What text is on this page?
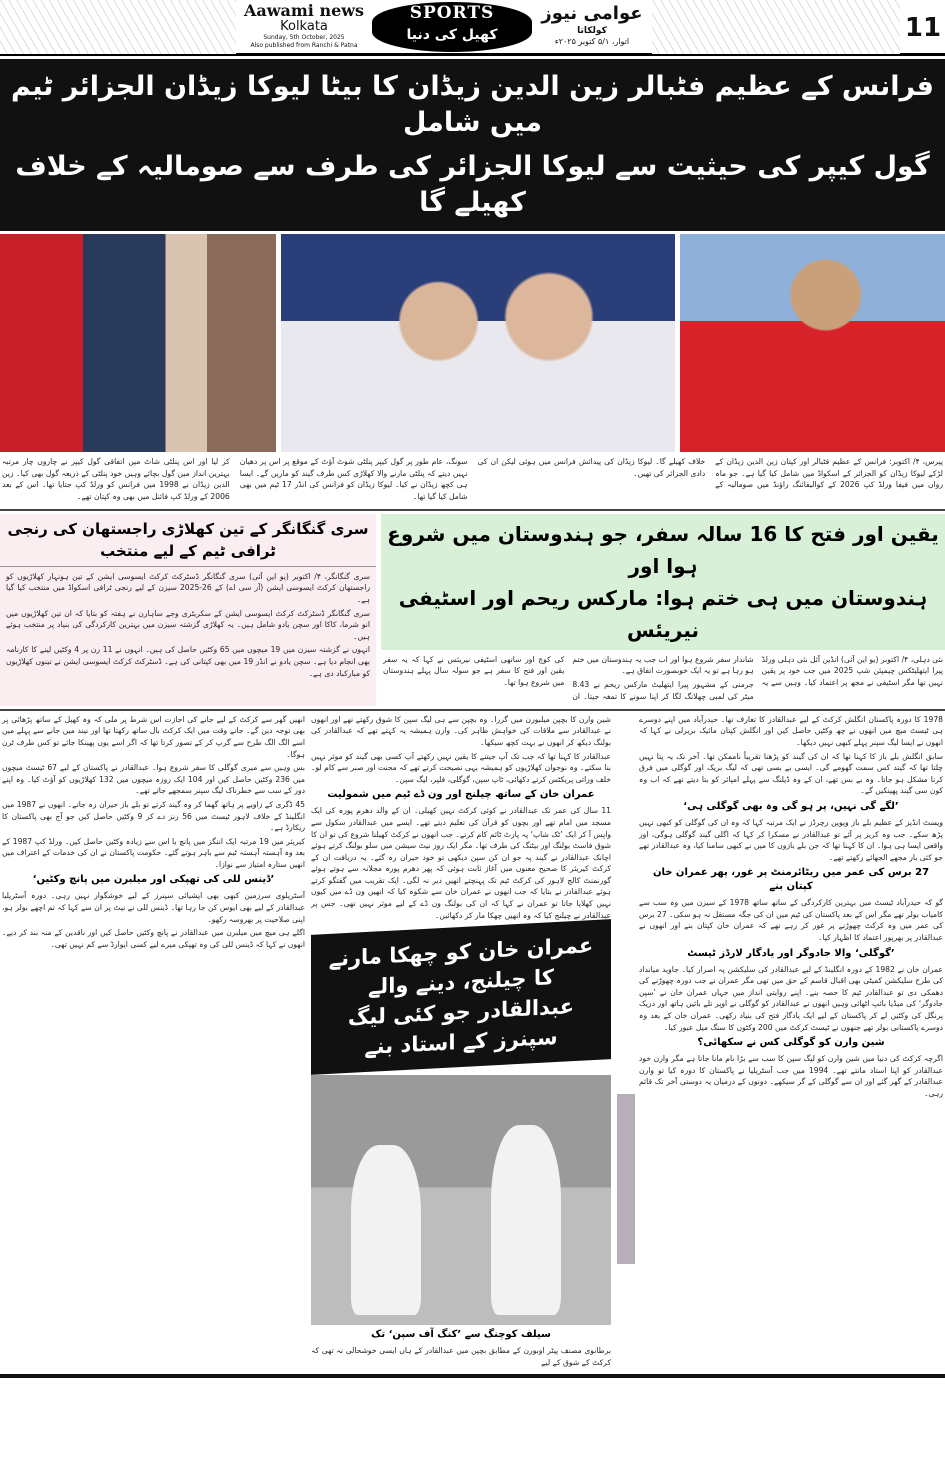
Aawami news
Kolkata
Sunday, 5th October, 2025
Also published from Ranchi & Patna
SPORTS
کھیل کی دنیا
عوامی نیوز
کولکاتا
اتوار، ۵/۱ کتوبر ۲۰۲۵ء	11
فرانس کے عظیم فٹبالر زین الدین زیڈان کا بیٹا لیوکا زیڈان الجزائر ٹیم میں شامل
گول کیپر کی حیثیت سے لیوکا الجزائر کی طرف سے صومالیہ کے خلاف کھیلے گا

پیرس، ۴/ اکتوبر: فرانس کے عظیم فٹبالر اور کپتان زین الدین زیڈان کے لڑکے لیوکا زیڈان کو الجزائر کے اسکواڈ میں شامل کیا گیا ہے۔ جو ماہ رواں میں فیفا ورلڈ کپ 2026 کے کوالیفائنگ راؤنڈ میں صومالیہ کے خلاف کھیلے گا۔ لیوکا زیڈان کی پیدائش فرانس میں ہوئی لیکن ان کی دادی الجزائر کی تھیں۔

سونگ، عام طور پر گول کیپر پنلٹی شوٹ آؤٹ کے موقع پر اس پر دھیان نہیں دیتے کہ پنلٹی مارنے والا کھلاڑی کس طرف گیند کو ماریں گے۔ ایسا ہی کچھ زیڈان نے کیا۔ لیوکا زیڈان کو فرانس کی انڈر 17 ٹیم میں بھی شامل کیا گیا تھا۔

کر لیا اور اس پنلٹی شاٹ میں اتفاقی گول کیپر نے چاروں چار مرتبہ بہترین انداز میں گول بچائے وہیں خود پنلٹی کے ذریعہ گول بھی کیا۔ زین الدین زیڈان نے 1998 میں فرانس کو ورلڈ کپ جتایا تھا۔ اس کے بعد 2006 کے ورلڈ کپ فائنل میں بھی وہ کپتان تھے۔

سری گنگانگر کے تین کھلاڑی راجستھان کی رنجی ٹرافی ٹیم کے لیے منتخب

سری گنگانگر، ۴/ اکتوبر (یو این آئی) سری گنگانگر ڈسٹرکٹ کرکٹ ایسوسی ایشن کے تین ہونہار کھلاڑیوں کو راجستھان کرکٹ ایسوسی ایشن (آر سی اے) کے 26-2025 سیزن کے لیے رنجی ٹرافی اسکواڈ میں منتخب کیا گیا ہے۔

سری گنگانگر ڈسٹرکٹ کرکٹ ایسوسی ایشن کے سکریٹری وجے ساہارن نے ہفتہ کو بتایا کہ ان تین کھلاڑیوں میں انو شرما، کاکا اور سچن یادو شامل ہیں۔ یہ کھلاڑی گزشتہ سیزن میں بہترین کارکردگی کی بنیاد پر منتخب ہوئے ہیں۔

انہوں نے گزشتہ سیزن میں 19 میچوں میں 65 وکٹیں حاصل کی ہیں۔ انہوں نے 11 رن پر 4 وکٹیں لینے کا کارنامہ بھی انجام دیا ہے۔ سچن یادو نے انڈر 19 میں بھی کپتانی کی ہے۔ ڈسٹرکٹ کرکٹ ایسوسی ایشن نے تینوں کھلاڑیوں کو مبارکباد دی ہے۔

یقین اور فتح کا 16 سالہ سفر، جو ہندوستان میں شروع ہوا اور
ہندوستان میں ہی ختم ہوا: مارکس ریحم اور اسٹیفی نیریئس

نئی دہلی، ۴/ اکتوبر (یو این آئی) انڈین آئل نئی دہلی ورلڈ پیرا ایتھلیٹکس چیمپئن شپ 2025 میں جب خود پر یقین نہیں تھا مگر اسٹیفی نے مجھ پر اعتماد کیا۔ وہیں سے یہ شاندار سفر شروع ہوا اور اب جب یہ ہندوستان میں ختم ہو رہا ہے تو یہ ایک خوبصورت اتفاق ہے۔

جرمنی کے مشہور پیرا ایتھلیٹ مارکس ریحم نے 8.43 میٹر کی لمبی چھلانگ لگا کر اپنا سونے کا تمغہ جیتا۔ ان کی کوچ اور ساتھی اسٹیفی نیریئس نے کہا کہ یہ سفر یقین اور فتح کا سفر ہے جو سولہ سال پہلے ہندوستان میں شروع ہوا تھا۔

انھیں گھر سے کرکٹ کے لیے جانے کی اجازت اس شرط پر ملی کہ وہ کھیل کے ساتھ پڑھائی پر بھی توجہ دیں گے۔ جانے وقت میں ایک کرکٹ بال ساتھ رکھتا تھا اور نیند میں جانے سے پہلے میں اسے الگ الگ طرح سے گرپ کر کے تصور کرتا تھا کہ اگر اسے یوں پھینکا جائے تو کس طرف ٹرن ہوگا۔

بس وہیں سے میری گوگلی کا سفر شروع ہوا۔ عبدالقادر نے پاکستان کے لیے 67 ٹیسٹ میچوں میں 236 وکٹیں حاصل کیں اور 104 ایک روزہ میچوں میں 132 کھلاڑیوں کو آؤٹ کیا۔ وہ اپنے دور کے سب سے خطرناک لیگ سپنر سمجھے جاتے تھے۔

45 ڈگری کے زاویے پر ہاتھ گھما کر وہ گیند کرتے تو بلے باز حیران رہ جاتے۔ انھوں نے 1987 میں انگلینڈ کے خلاف لاہور ٹیسٹ میں 56 رنز دے کر 9 وکٹیں حاصل کیں جو آج بھی پاکستان کا ریکارڈ ہے۔

کیریئر میں 19 مرتبہ ایک اننگز میں پانچ یا اس سے زیادہ وکٹیں حاصل کیں۔ ورلڈ کپ 1987 کے بعد وہ آہستہ آہستہ ٹیم سے باہر ہوتے گئے۔ حکومت پاکستان نے ان کی خدمات کے اعتراف میں انھیں ستارہ امتیاز سے نوازا۔

’ڈینس للی کی تھپکی اور میلبرن میں پانچ وکٹیں‘

آسٹریلوی سرزمین کبھی بھی ایشیائی سپنرز کے لیے خوشگوار نہیں رہی۔ دورہ آسٹریلیا عبدالقادر کے لیے بھی ایوس کن جا رہا تھا۔ ڈینس للی نے نیٹ پر ان سے کہا کہ تم اچھے بولر ہو، اپنی صلاحیت پر بھروسہ رکھو۔

اگلے ہی میچ میں میلبرن میں عبدالقادر نے پانچ وکٹیں حاصل کیں اور ناقدین کے منہ بند کر دیے۔ انھوں نے کہا کہ ڈینس للی کی وہ تھپکی میرے لیے کسی ایوارڈ سے کم نہیں تھی۔

شین وارن کا بچپن میلبورن میں گزرا۔ وہ بچپن سے ہی لیگ سپن کا شوق رکھتے تھے اور انھوں نے عبدالقادر سے ملاقات کی خواہش ظاہر کی۔ وارن ہمیشہ یہ کہتے تھے کہ عبدالقادر کی بولنگ دیکھ کر انھوں نے بہت کچھ سیکھا۔

عبدالقادر کا کہنا تھا کہ جب تک آپ جیتنے کا یقین نہیں رکھتے آپ کسی بھی گیند کو موثر نہیں بنا سکتے۔ وہ نوجوان کھلاڑیوں کو ہمیشہ یہی نصیحت کرتے تھے کہ محنت اور صبر سے کام لو۔ خلف وراثی پریکٹس کرتے دکھائی، ٹاپ سپن، گوگلی، فلپر، لیگ سپن۔

عمران خان کے ساتھ چیلنج اور ون ڈے ٹیم میں شمولیت

11 سال کی عمر تک عبدالقادر نے کوئی کرکٹ نہیں کھیلی۔ ان کے والد دھرم پورہ کی ایک مسجد میں امام تھے اور بچوں کو قرآن کی تعلیم دیتے تھے۔ ایسے میں عبدالقادر سکول سے واپس آ کر ایک ’ٹک شاپ‘ پہ پارٹ ٹائم کام کرتے۔ جب انھوں نے کرکٹ کھیلنا شروع کی تو ان کا شوق فاسٹ بولنگ اور بیٹنگ کی طرف تھا۔ مگر ایک روز نیٹ سیشن میں سلو بولنگ کرتے ہوئے اچانک عبدالقادر نے گیند پہ جو ان کن سپن دیکھی تو خود حیران رہ گئے۔ یہ دریافت ان کے کرکٹ کیریئر کا صحیح معنوں میں آغاز ثابت ہوئی کہ پھر دھرم پورہ مجلانہ سے ہوتے ہوئے گورنمنٹ کالج لاہور کی کرکٹ ٹیم تک پہنچتے انھیں دیر نہ لگی۔ ایک تقریب میں گفتگو کرتے ہوئے عبدالقادر نے بتایا کہ جب انھوں نے عمران خان سے شکوہ کیا کہ انھیں ون ڈے میں کیوں نہیں کھلایا جاتا تو عمران نے کہا کہ ان کی بولنگ ون ڈے کے لیے موثر نہیں تھی۔ جس پر عبدالقادر نے چیلنج کیا کہ وہ انھیں چھکا مار کر دکھائیں۔

عمران خان کو چھکا مارنے کا چیلنج، دینے والے
عبدالقادر جو کئی لیگ سپنرز کے استاد بنے
سیلف کوچنگ سے ’کنگ آف سپن‘ تک
برطانوی مصنف پیٹر اوبورن کے مطابق بچپن میں عبدالقادر کے ہاں ایسی خوشحالی نہ تھی کہ کرکٹ کے شوق کے لیے

1978 کا دورہ پاکستان انگلش کرکٹ کے لیے عبدالقادر کا تعارف تھا۔ حیدرآباد میں اپنے دوسرے ہی ٹیسٹ میچ میں انھوں نے چھ وکٹیں حاصل کیں اور انگلش کپتان مائیک بریرلی نے کہا کہ انھوں نے ایسا لیگ سپنر پہلے کبھی نہیں دیکھا۔

سابق انگلش بلے باز کا کہنا تھا کہ ان کی گیند کو پڑھنا تقریباً ناممکن تھا۔ آخر تک یہ پتا نہیں چلتا تھا کہ گیند کس سمت گھومے گی۔ ایسی بے بسی تھی کہ لیگ بریک اور گوگلی میں فرق کرنا مشکل ہو جاتا۔ وہ بے بس تھے، ان کے وہ ڈیلنگ سے پہلے امپائر کو بتا دیتے تھے کہ اب وہ کون سی گیند پھینکیں گے۔

’لگے گی نہیں، پر ہو گی وہ بھی گوگلی ہی‘

ویسٹ انڈیز کے عظیم بلے باز ویوین رچرڈز نے ایک مرتبہ کہا کہ وہ ان کی گوگلی کو کبھی نہیں پڑھ سکے۔ جب وہ کریز پر آئے تو عبدالقادر نے مسکرا کر کہا کہ اگلی گیند گوگلی ہوگی، اور واقعی ایسا ہی ہوا۔ ان کا کہنا تھا کہ جن بلے بازوں کا میں نے کبھی سامنا کیا، وہ عبدالقادر تھے جو کئی بار مجھے الجھائے رکھتے تھے۔

27 برس کی عمر میں ریٹائرمنٹ پر غور، پھر عمران خان کپتان بنے

گو کہ حیدرآباد ٹیسٹ میں بہترین کارکردگی کے ساتھ ساتھ 1978 کے سیزن میں وہ سب سے کامیاب بولر تھے مگر اس کے بعد پاکستان کی ٹیم میں ان کی جگہ مستقل نہ ہو سکی۔ 27 برس کی عمر میں وہ کرکٹ چھوڑنے پر غور کر رہے تھے کہ عمران خان کپتان بنے اور انھوں نے عبدالقادر پر بھرپور اعتماد کا اظہار کیا۔

’گوگلی‘ والا جادوگر اور یادگار لارڈز ٹیسٹ

عمران خان نے 1982 کے دورہ انگلینڈ کے لیے عبدالقادر کی سلیکشن پہ اصرار کیا۔ جاوید میانداد کی طرح سلیکشن کمیٹی بھی اقبال قاسم کے حق میں تھی مگر عمران نے جب دورہ چھوڑنے کی دھمکی دی تو عبدالقادر ٹیم کا حصہ بنے۔ اپنے روایتی انداز میں جہاں عمران خان نے ’سپن جادوگر‘ کی میڈیا بائپ اٹھائی وہیں انھوں نے عبدالقادر کو گوگلی نے اوپر تلے بائیں ہاتھ اور دریک پرنگل کی وکٹیں لے کر پاکستان کے لیے ایک یادگار فتح کی بنیاد رکھی۔ عمران خان کے بعد وہ دوسرے پاکستانی بولر تھے جنھوں نے ٹیسٹ کرکٹ میں 200 وکٹوں کا سنگ میل عبور کیا۔

شین وارن کو گوگلی کس نے سکھائی؟

اگرچہ کرکٹ کی دنیا میں شین وارن کو لیگ سپن کا سب سے بڑا نام مانا جاتا ہے مگر وارن خود عبدالقادر کو اپنا استاد مانتے تھے۔ 1994 میں جب آسٹریلیا نے پاکستان کا دورہ کیا تو وارن عبدالقادر کے گھر گئے اور ان سے گوگلی کے گر سیکھے۔ دونوں کے درمیان یہ دوستی آخر تک قائم رہی۔
